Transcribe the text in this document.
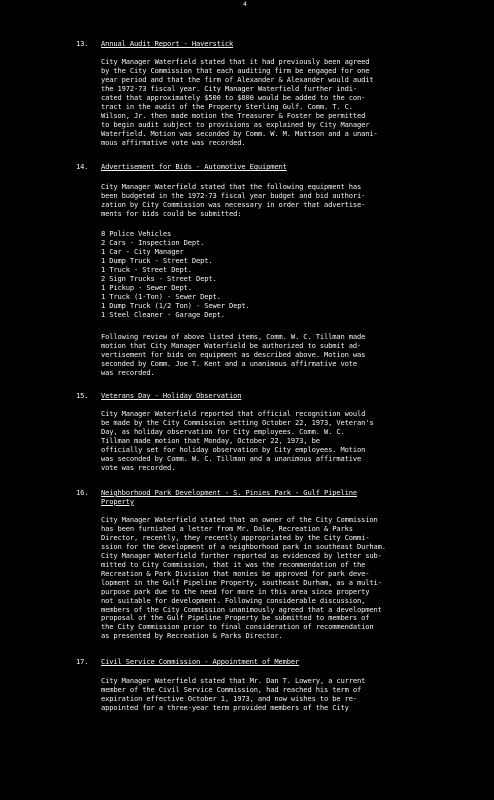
4
13. Annual Audit Report - Haverstick
City Manager Waterfield stated that it had previously been agreed
by the City Commission that each auditing firm be engaged for one
year period and that the firm of Alexander & Alexander would audit
the 1972-73 fiscal year. City Manager Waterfield further indi-
cated that approximately $500 to $800 would be added to the con-
tract in the audit of the Property Sterling Gulf. Comm. T. C.
Wilson, Jr. then made motion the Treasurer & Foster be permitted
to begin audit subject to provisions as explained by City Manager
Waterfield. Motion was seconded by Comm. W. M. Mattson and a unani-
mous affirmative vote was recorded.
14. Advertisement for Bids - Automotive Equipment
City Manager Waterfield stated that the following equipment has
been budgeted in the 1972-73 fiscal year budget and bid authori-
zation by City Commission was necessary in order that advertise-
ments for bids could be submitted:
8 Police Vehicles
2 Cars - Inspection Dept.
1 Car - City Manager
1 Dump Truck - Street Dept.
1 Truck - Street Dept.
2 Sign Trucks - Street Dept.
1 Pickup - Sewer Dept.
1 Truck (1-Ton) - Sewer Dept.
1 Dump Truck (1/2 Ton) - Sewer Dept.
1 Steel Cleaner - Garage Dept.
Following review of above listed items, Comm. W. C. Tillman made
motion that City Manager Waterfield be authorized to submit ad-
vertisement for bids on equipment as described above. Motion was
seconded by Comm. Joe T. Kent and a unanimous affirmative vote
was recorded.
15. Veterans Day - Holiday Observation
City Manager Waterfield reported that official recognition would
be made by the City Commission setting October 22, 1973, Veteran's
Day, as holiday observation for City employees. Comm. W. C.
Tillman made motion that Monday, October 22, 1973, be
officially set for holiday observation by City employees. Motion
was seconded by Comm. W. C. Tillman and a unanimous affirmative
vote was recorded.
16. Neighborhood Park Development - S. Pinies Park - Gulf Pipeline
Property
City Manager Waterfield stated that an owner of the City Commission
has been furnished a letter from Mr. Dale, Recreation & Parks
Director, recently, they recently appropriated by the City Commi-
ssion for the development of a neighborhood park in southeast Durham.
City Manager Waterfield further reported as evidenced by letter sub-
mitted to City Commission, that it was the recommendation of the
Recreation & Park Division that monies be approved for park deve-
lopment in the Gulf Pipeline Property, southeast Durham, as a multi-
purpose park due to the need for more in this area since property
not suitable for development. Following considerable discussion,
members of the City Commission unanimously agreed that a development
proposal of the Gulf Pipeline Property be submitted to members of
the City Commission prior to final consideration of recommendation
as presented by Recreation & Parks Director.
17. Civil Service Commission - Appointment of Member
City Manager Waterfield stated that Mr. Dan T. Lowery, a current
member of the Civil Service Commission, had reached his term of
expiration effective October 1, 1973, and now wishes to be re-
appointed for a three-year term provided members of the City
